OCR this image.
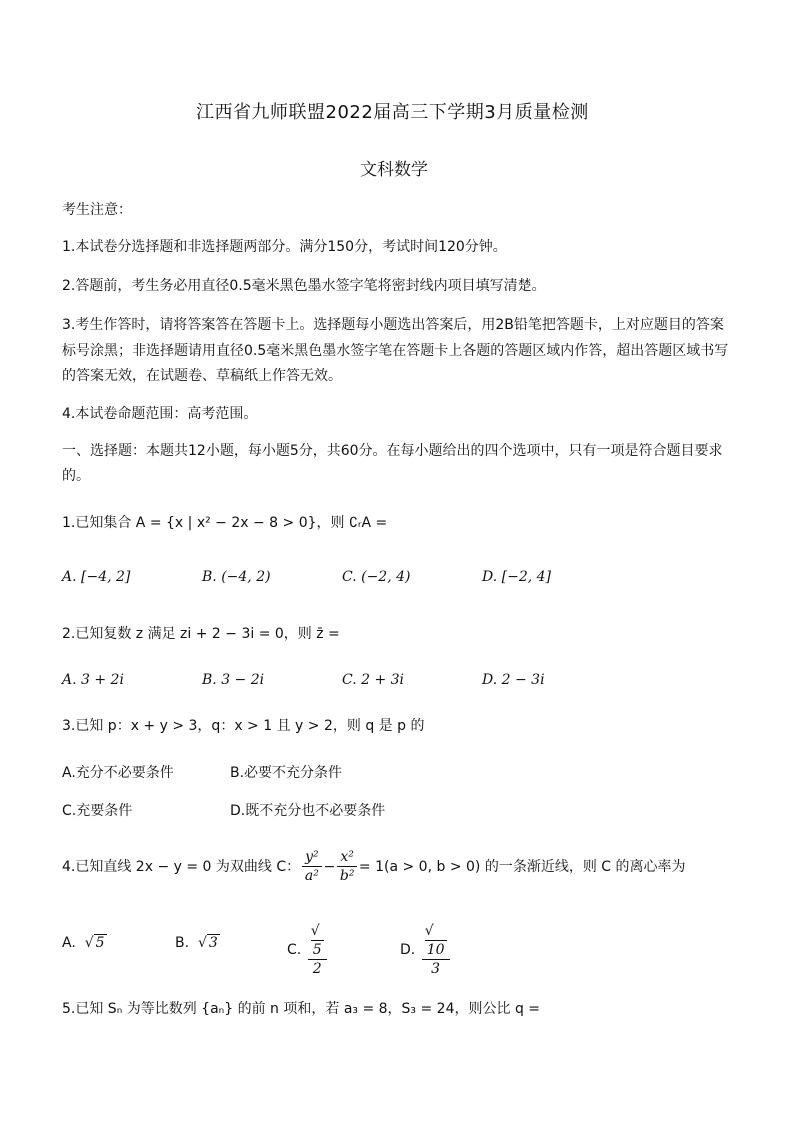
江西省九师联盟2022届高三下学期3月质量检测
文科数学
考生注意：
1.本试卷分选择题和非选择题两部分。满分150分，考试时间120分钟。
2.答题前，考生务必用直径0.5毫米黑色墨水签字笔将密封线内项目填写清楚。
3.考生作答时，请将答案答在答题卡上。选择题每小题选出答案后，用2B铅笔把答题卡，上对应题目的答案
标号涂黑；非选择题请用直径0.5毫米黑色墨水签字笔在答题卡上各题的答题区域内作答，超出答题区域书写
的答案无效，在试题卷、草稿纸上作答无效。
4.本试卷命题范围：高考范围。
一、选择题：本题共12小题，每小题5分，共60分。在每小题给出的四个选项中，只有一项是符合题目要求
的。
1.已知集合 A = {x | x² − 2x − 8 > 0}，则 ∁ᵣA =
A. [−4, 2]	B. (−4, 2)	C. (−2, 4)	D. [−2, 4]
2.已知复数 z 满足 zi + 2 − 3i = 0，则 z̄ =
A. 3 + 2i	B. 3 − 2i	C. 2 + 3i	D. 2 − 3i
3.已知 p：x + y > 3，q：x > 1 且 y > 2，则 q 是 p 的
A.充分不必要条件	B.必要不充分条件
C.充要条件	D.既不充分也不必要条件
4.已知直线 2x − y = 0 为双曲线 C： $\frac{\text{y²}}{\text{a²}} - \frac{\text{x²}}{\text{b²}} = 1(a > 0$, b > 0) 的一条渐近线，则 C 的离心率为
A. √ 5	B. √ 3	C.
√
5
2	D.
√
10
3
5.已知 Sₙ 为等比数列 {aₙ} 的前 n 项和，若 a₃ = 8，S₃ = 24，则公比 q =
